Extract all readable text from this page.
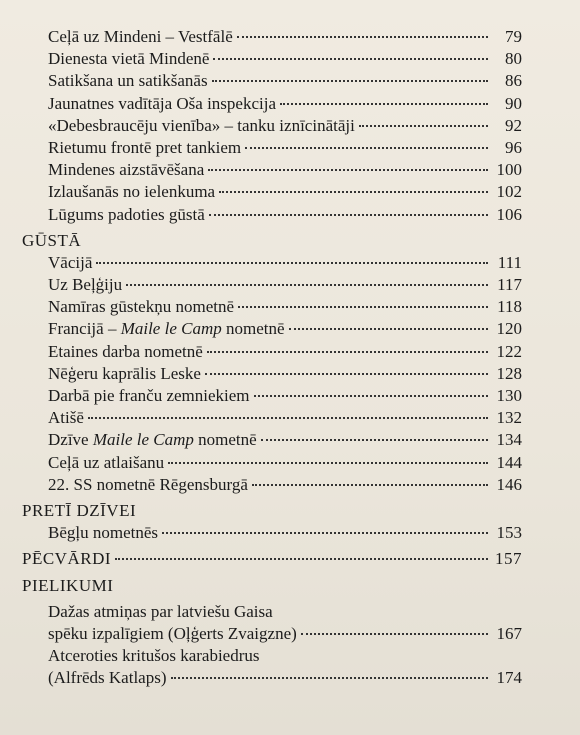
Ceļā uz Mindeni – Vestfālē	79
Dienesta vietā Mindenē	80
Satikšana un satikšanās	86
Jaunatnes vadītāja Oša inspekcija	90
«Debesbraucēju vienība» – tanku iznīcinātāji	92
Rietumu frontē pret tankiem	96
Mindenes aizstāvēšana	100
Izlaušanās no ielenkuma	102
Lūgums padoties gūstā	106
GŪSTĀ
Vācijā	111
Uz Beļģiju	117
Namīras gūstekņu nometnē	118
Francijā – Maile le Camp nometnē	120
Etaines darba nometnē	122
Nēģeru kaprālis Leske	128
Darbā pie franču zemniekiem	130
Atišē	132
Dzīve Maile le Camp nometnē	134
Ceļā uz atlaišanu	144
22. SS nometnē Rēgensburgā	146
PRETĪ DZĪVEI
Bēgļu nometnēs	153
PĒCVĀRDI	157
PIELIKUMI
Dažas atmiņas par latviešu Gaisa
spēku izpalīgiem (Oļģerts Zvaigzne)	167
Atceroties kritušos karabiedrus
(Alfrēds Katlaps)	174
